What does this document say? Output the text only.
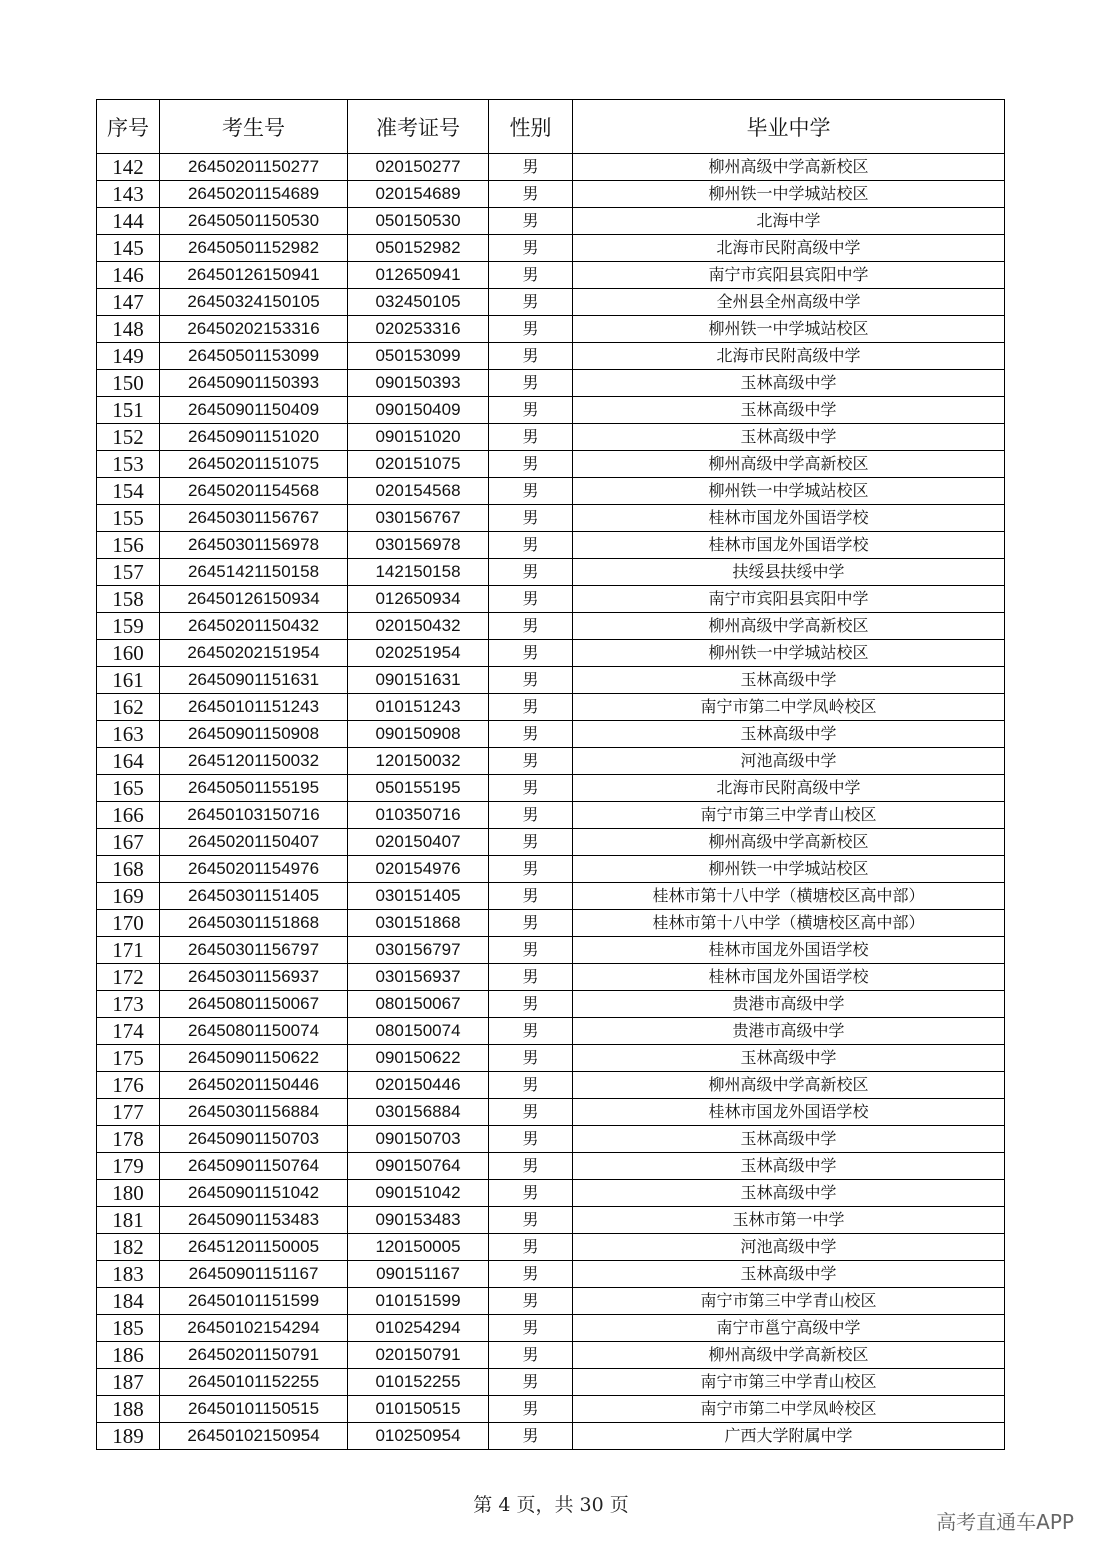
序号	考生号	准考证号	性别	毕业中学
142	26450201150277	020150277	男	柳州高级中学高新校区
143	26450201154689	020154689	男	柳州铁一中学城站校区
144	26450501150530	050150530	男	北海中学
145	26450501152982	050152982	男	北海市民附高级中学
146	26450126150941	012650941	男	南宁市宾阳县宾阳中学
147	26450324150105	032450105	男	全州县全州高级中学
148	26450202153316	020253316	男	柳州铁一中学城站校区
149	26450501153099	050153099	男	北海市民附高级中学
150	26450901150393	090150393	男	玉林高级中学
151	26450901150409	090150409	男	玉林高级中学
152	26450901151020	090151020	男	玉林高级中学
153	26450201151075	020151075	男	柳州高级中学高新校区
154	26450201154568	020154568	男	柳州铁一中学城站校区
155	26450301156767	030156767	男	桂林市国龙外国语学校
156	26450301156978	030156978	男	桂林市国龙外国语学校
157	26451421150158	142150158	男	扶绥县扶绥中学
158	26450126150934	012650934	男	南宁市宾阳县宾阳中学
159	26450201150432	020150432	男	柳州高级中学高新校区
160	26450202151954	020251954	男	柳州铁一中学城站校区
161	26450901151631	090151631	男	玉林高级中学
162	26450101151243	010151243	男	南宁市第二中学凤岭校区
163	26450901150908	090150908	男	玉林高级中学
164	26451201150032	120150032	男	河池高级中学
165	26450501155195	050155195	男	北海市民附高级中学
166	26450103150716	010350716	男	南宁市第三中学青山校区
167	26450201150407	020150407	男	柳州高级中学高新校区
168	26450201154976	020154976	男	柳州铁一中学城站校区
169	26450301151405	030151405	男	桂林市第十八中学（横塘校区高中部）
170	26450301151868	030151868	男	桂林市第十八中学（横塘校区高中部）
171	26450301156797	030156797	男	桂林市国龙外国语学校
172	26450301156937	030156937	男	桂林市国龙外国语学校
173	26450801150067	080150067	男	贵港市高级中学
174	26450801150074	080150074	男	贵港市高级中学
175	26450901150622	090150622	男	玉林高级中学
176	26450201150446	020150446	男	柳州高级中学高新校区
177	26450301156884	030156884	男	桂林市国龙外国语学校
178	26450901150703	090150703	男	玉林高级中学
179	26450901150764	090150764	男	玉林高级中学
180	26450901151042	090151042	男	玉林高级中学
181	26450901153483	090153483	男	玉林市第一中学
182	26451201150005	120150005	男	河池高级中学
183	26450901151167	090151167	男	玉林高级中学
184	26450101151599	010151599	男	南宁市第三中学青山校区
185	26450102154294	010254294	男	南宁市邕宁高级中学
186	26450201150791	020150791	男	柳州高级中学高新校区
187	26450101152255	010152255	男	南宁市第三中学青山校区
188	26450101150515	010150515	男	南宁市第二中学凤岭校区
189	26450102150954	010250954	男	广西大学附属中学
第 4 页，共 30 页
高考直通车APP
